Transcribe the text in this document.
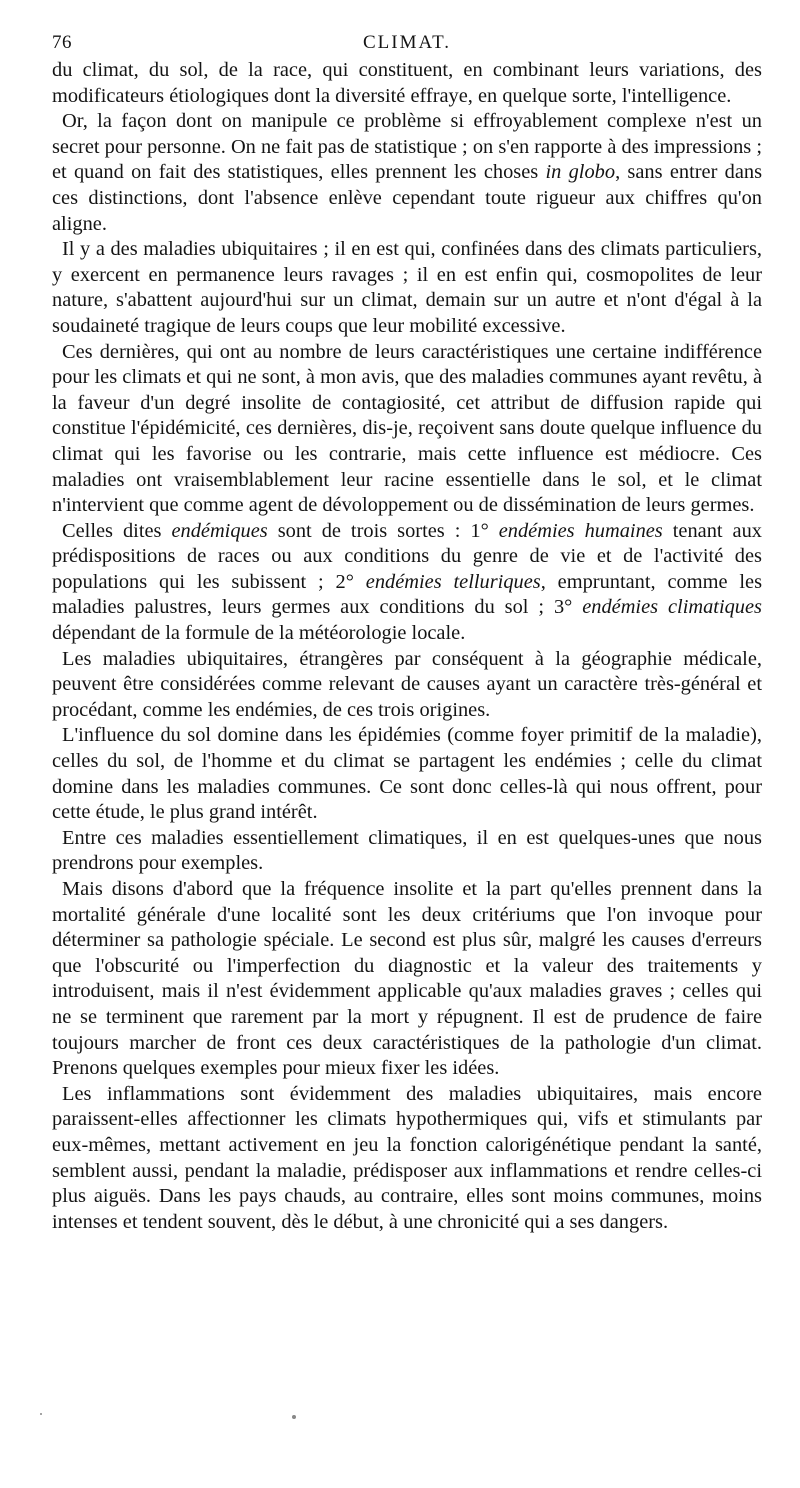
76	CLIMAT.

du climat, du sol, de la race, qui constituent, en combinant leurs variations, des modificateurs étiologiques dont la diversité effraye, en quelque sorte, l'intelligence.

Or, la façon dont on manipule ce problème si effroyablement complexe n'est un secret pour personne. On ne fait pas de statistique ; on s'en rapporte à des impressions ; et quand on fait des statistiques, elles prennent les choses in globo, sans entrer dans ces distinctions, dont l'absence enlève cependant toute rigueur aux chiffres qu'on aligne.

Il y a des maladies ubiquitaires ; il en est qui, confinées dans des climats particuliers, y exercent en permanence leurs ravages ; il en est enfin qui, cosmopolites de leur nature, s'abattent aujourd'hui sur un climat, demain sur un autre et n'ont d'égal à la soudaineté tragique de leurs coups que leur mobilité excessive.

Ces dernières, qui ont au nombre de leurs caractéristiques une certaine indifférence pour les climats et qui ne sont, à mon avis, que des maladies communes ayant revêtu, à la faveur d'un degré insolite de contagiosité, cet attribut de diffusion rapide qui constitue l'épidémicité, ces dernières, dis-je, reçoivent sans doute quelque influence du climat qui les favorise ou les contrarie, mais cette influence est médiocre. Ces maladies ont vraisemblablement leur racine essentielle dans le sol, et le climat n'intervient que comme agent de dévoloppement ou de dissémination de leurs germes.

Celles dites endémiques sont de trois sortes : 1° endémies humaines tenant aux prédispositions de races ou aux conditions du genre de vie et de l'activité des populations qui les subissent ; 2° endémies telluriques, empruntant, comme les maladies palustres, leurs germes aux conditions du sol ; 3° endémies climatiques dépendant de la formule de la météorologie locale.

Les maladies ubiquitaires, étrangères par conséquent à la géographie médicale, peuvent être considérées comme relevant de causes ayant un caractère très-général et procédant, comme les endémies, de ces trois origines.

L'influence du sol domine dans les épidémies (comme foyer primitif de la maladie), celles du sol, de l'homme et du climat se partagent les endémies ; celle du climat domine dans les maladies communes. Ce sont donc celles-là qui nous offrent, pour cette étude, le plus grand intérêt.

Entre ces maladies essentiellement climatiques, il en est quelques-unes que nous prendrons pour exemples.

Mais disons d'abord que la fréquence insolite et la part qu'elles prennent dans la mortalité générale d'une localité sont les deux critériums que l'on invoque pour déterminer sa pathologie spéciale. Le second est plus sûr, malgré les causes d'erreurs que l'obscurité ou l'imperfection du diagnostic et la valeur des traitements y introduisent, mais il n'est évidemment applicable qu'aux maladies graves ; celles qui ne se terminent que rarement par la mort y répugnent. Il est de prudence de faire toujours marcher de front ces deux caractéristiques de la pathologie d'un climat. Prenons quelques exemples pour mieux fixer les idées.

Les inflammations sont évidemment des maladies ubiquitaires, mais encore paraissent-elles affectionner les climats hypothermiques qui, vifs et stimulants par eux-mêmes, mettant activement en jeu la fonction calorigénétique pendant la santé, semblent aussi, pendant la maladie, prédisposer aux inflammations et rendre celles-ci plus aiguës. Dans les pays chauds, au contraire, elles sont moins communes, moins intenses et tendent souvent, dès le début, à une chronicité qui a ses dangers.
